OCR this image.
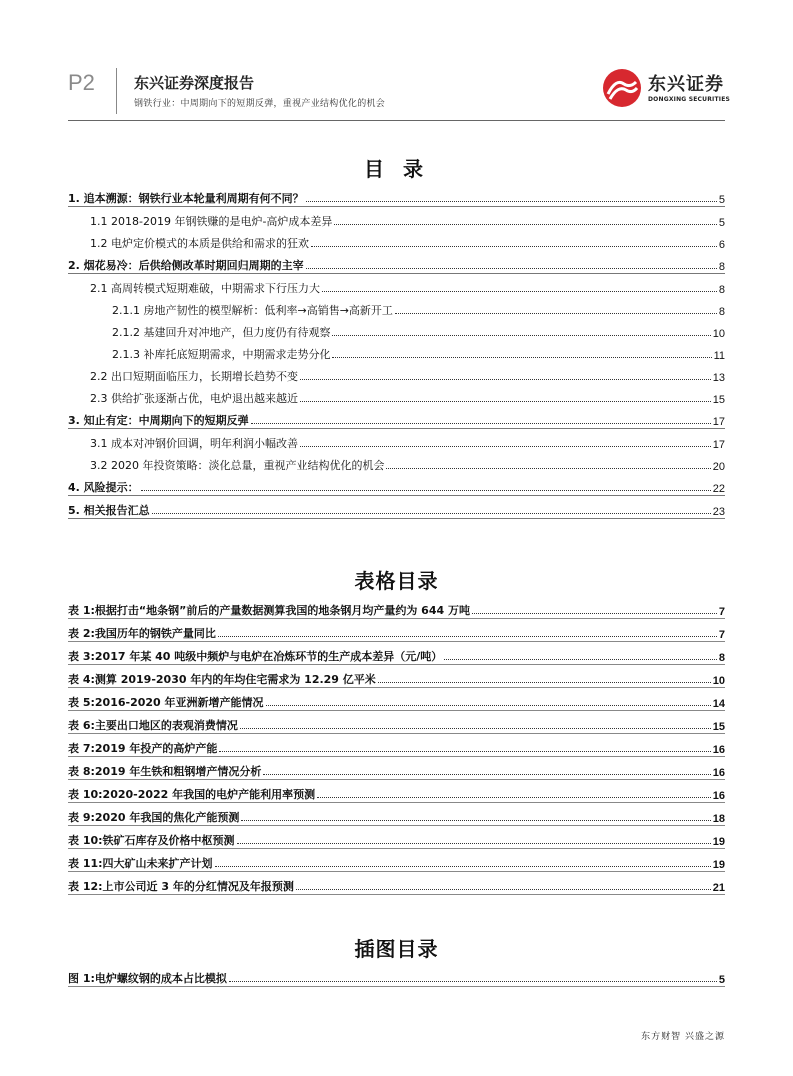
P2	东兴证券深度报告
钢铁行业：中周期向下的短期反弹，重视产业结构优化的机会
东兴证券
DONGXING SECURITIES
目 录
1. 追本溯源：钢铁行业本轮量利周期有何不同？	5
1.1 2018-2019 年钢铁赚的是电炉-高炉成本差异	5
1.2 电炉定价模式的本质是供给和需求的狂欢	6
2. 烟花易冷：后供给侧改革时期回归周期的主宰	8
2.1 高周转模式短期难破，中期需求下行压力大	8
2.1.1 房地产韧性的模型解析：低利率→高销售→高新开工	8
2.1.2 基建回升对冲地产，但力度仍有待观察	10
2.1.3 补库托底短期需求，中期需求走势分化	11
2.2 出口短期面临压力，长期增长趋势不变	13
2.3 供给扩张逐渐占优，电炉退出越来越近	15
3. 知止有定：中周期向下的短期反弹	17
3.1 成本对冲钢价回调，明年利润小幅改善	17
3.2 2020 年投资策略：淡化总量，重视产业结构优化的机会	20
4. 风险提示：	22
5. 相关报告汇总	23
表格目录
表 1:根据打击“地条钢”前后的产量数据测算我国的地条钢月均产量约为 644 万吨	7
表 2:我国历年的钢铁产量同比	7
表 3:2017 年某 40 吨级中频炉与电炉在冶炼环节的生产成本差异（元/吨）	8
表 4:测算 2019-2030 年内的年均住宅需求为 12.29 亿平米	10
表 5:2016-2020 年亚洲新增产能情况	14
表 6:主要出口地区的表观消费情况	15
表 7:2019 年投产的高炉产能	16
表 8:2019 年生铁和粗钢增产情况分析	16
表 10:2020-2022 年我国的电炉产能利用率预测	16
表 9:2020 年我国的焦化产能预测	18
表 10:铁矿石库存及价格中枢预测	19
表 11:四大矿山未来扩产计划	19
表 12:上市公司近 3 年的分红情况及年报预测	21
插图目录
图 1:电炉螺纹钢的成本占比模拟	5
东方财智 兴盛之源
